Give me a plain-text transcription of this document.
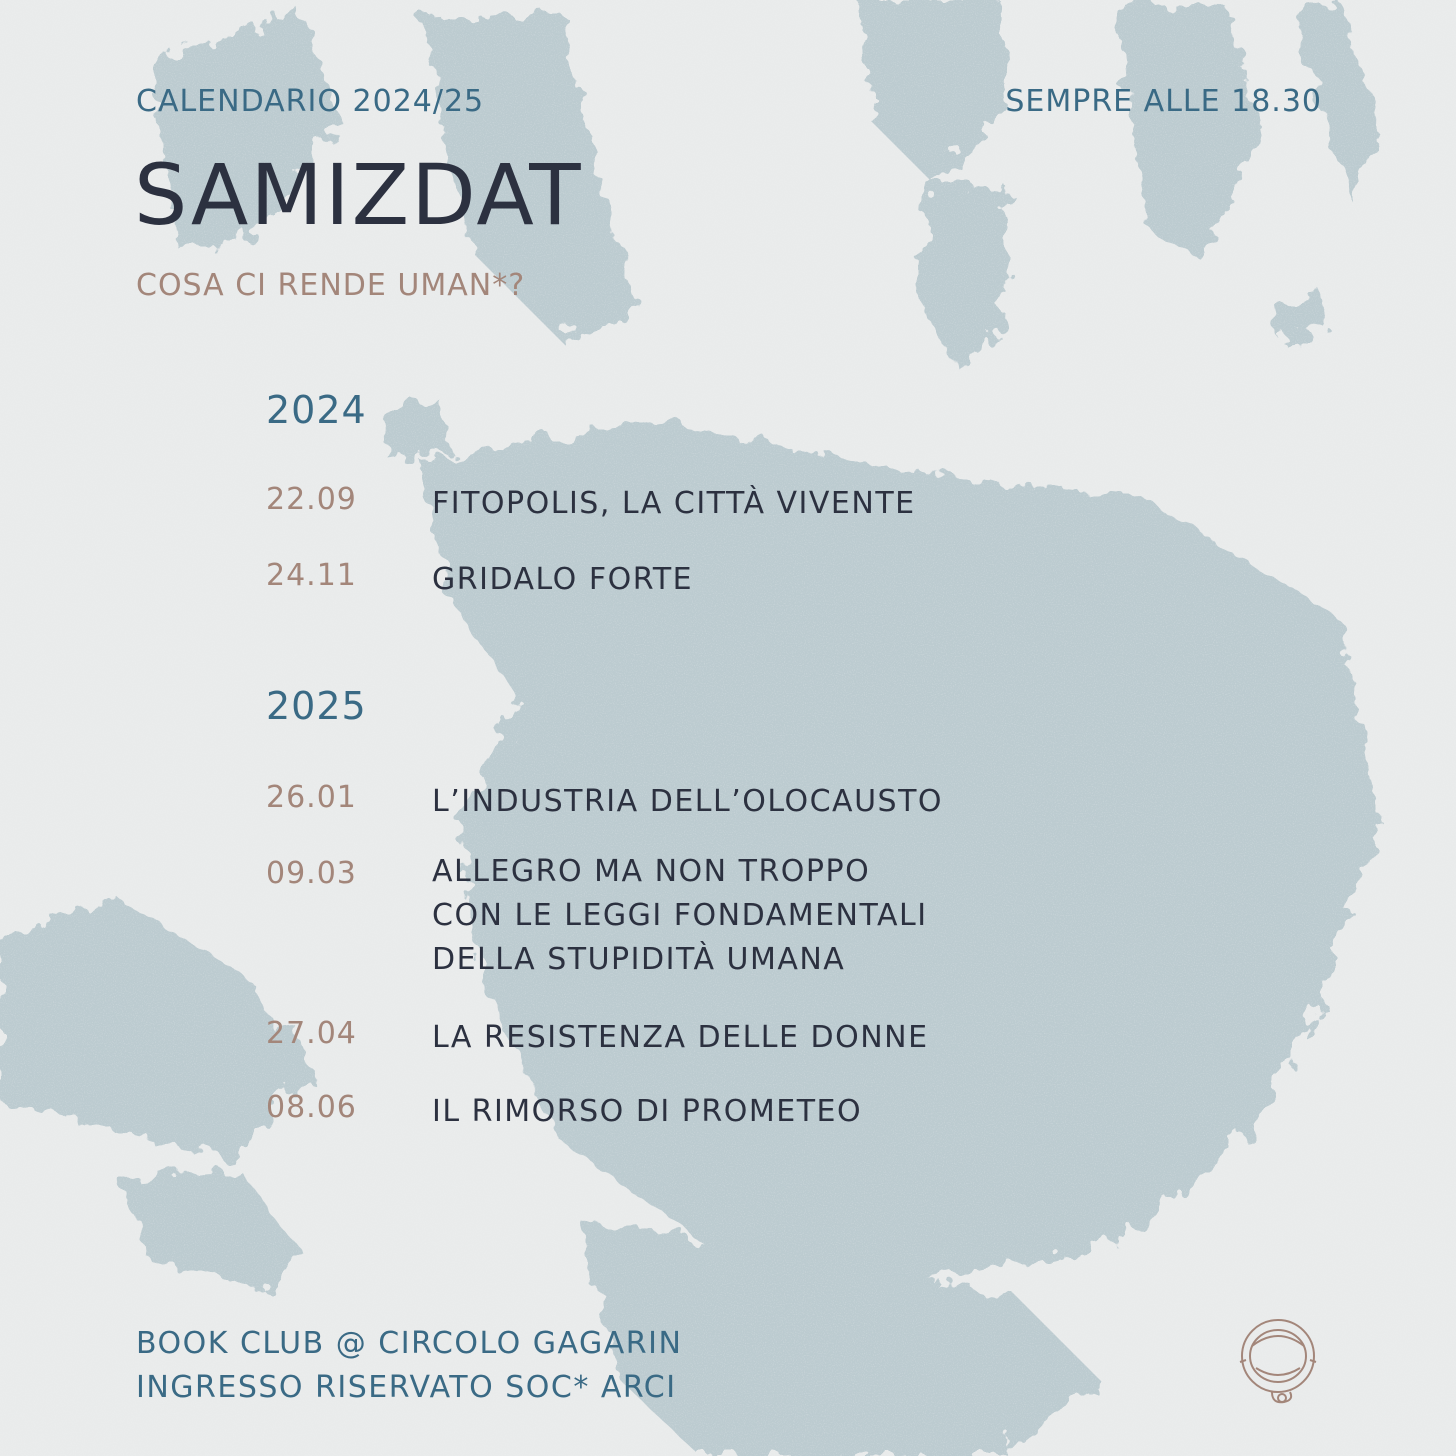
CALENDARIO 2024/25	SEMPRE ALLE 18.30
SAMIZDAT
COSA CI RENDE UMAN*?
2024
22.09	FITOPOLIS, LA CITTÀ VIVENTE
24.11	GRIDALO FORTE
2025
26.01	L’INDUSTRIA DELL’OLOCAUSTO
09.03	ALLEGRO MA NON TROPPO
CON LE LEGGI FONDAMENTALI
DELLA STUPIDITÀ UMANA
27.04	LA RESISTENZA DELLE DONNE
08.06	IL RIMORSO DI PROMETEO
BOOK CLUB @ CIRCOLO GAGARIN
INGRESSO RISERVATO SOC* ARCI
